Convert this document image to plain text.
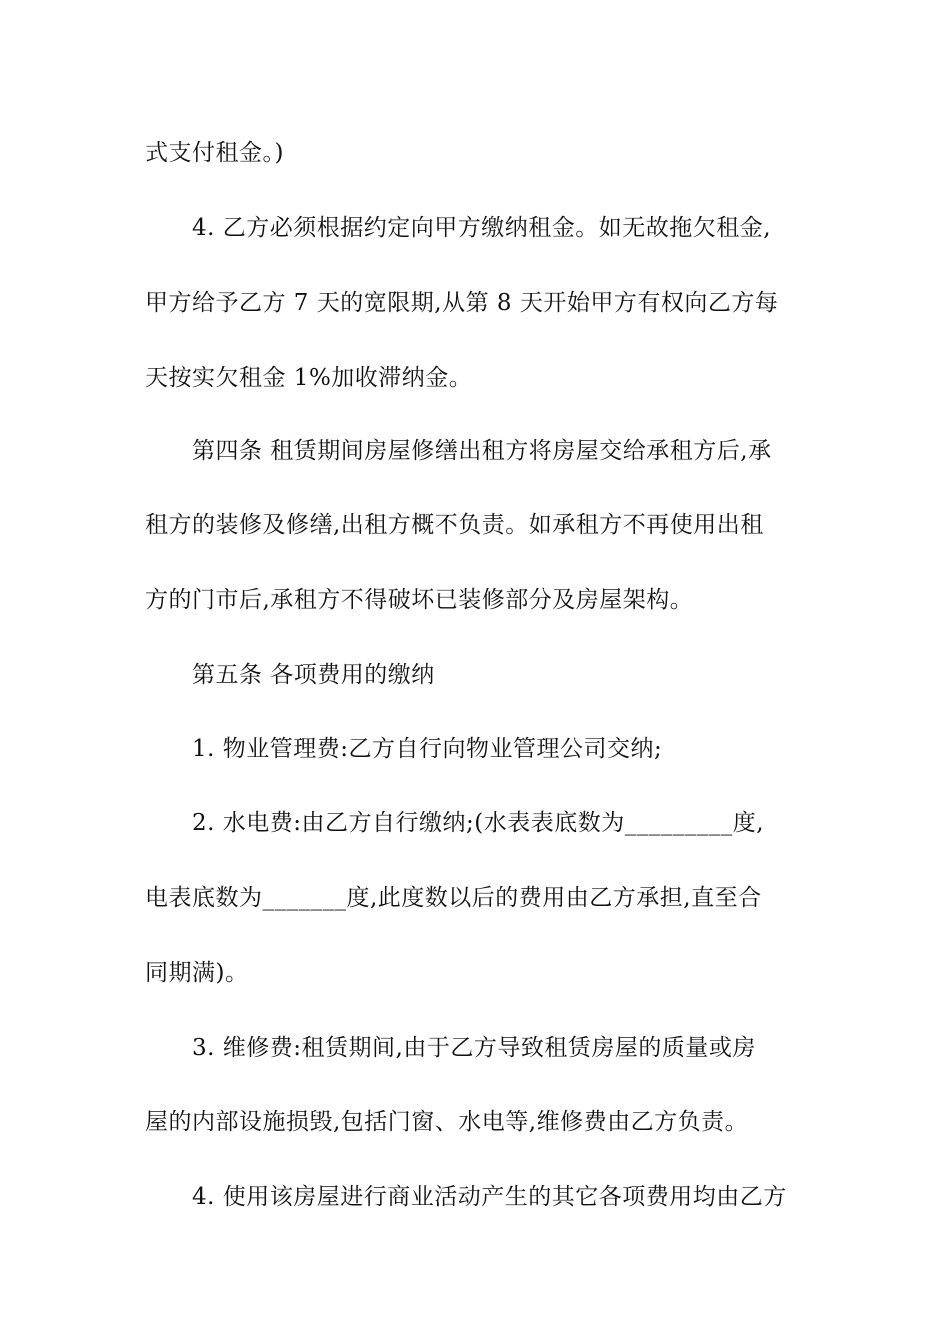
式支付租金。)
4. 乙方必须根据约定向甲方缴纳租金。如无故拖欠租金,
甲方给予乙方 7 天的宽限期,从第 8 天开始甲方有权向乙方每
天按实欠租金 1%加收滞纳金。
第四条 租赁期间房屋修缮出租方将房屋交给承租方后,承
租方的装修及修缮,出租方概不负责。如承租方不再使用出租
方的门市后,承租方不得破坏已装修部分及房屋架构。
第五条 各项费用的缴纳
1. 物业管理费:乙方自行向物业管理公司交纳;
2. 水电费:由乙方自行缴纳;(水表表底数为_________度,
电表底数为_______度,此度数以后的费用由乙方承担,直至合
同期满)。
3. 维修费:租赁期间,由于乙方导致租赁房屋的质量或房
屋的内部设施损毁,包括门窗、水电等,维修费由乙方负责。
4. 使用该房屋进行商业活动产生的其它各项费用均由乙方
